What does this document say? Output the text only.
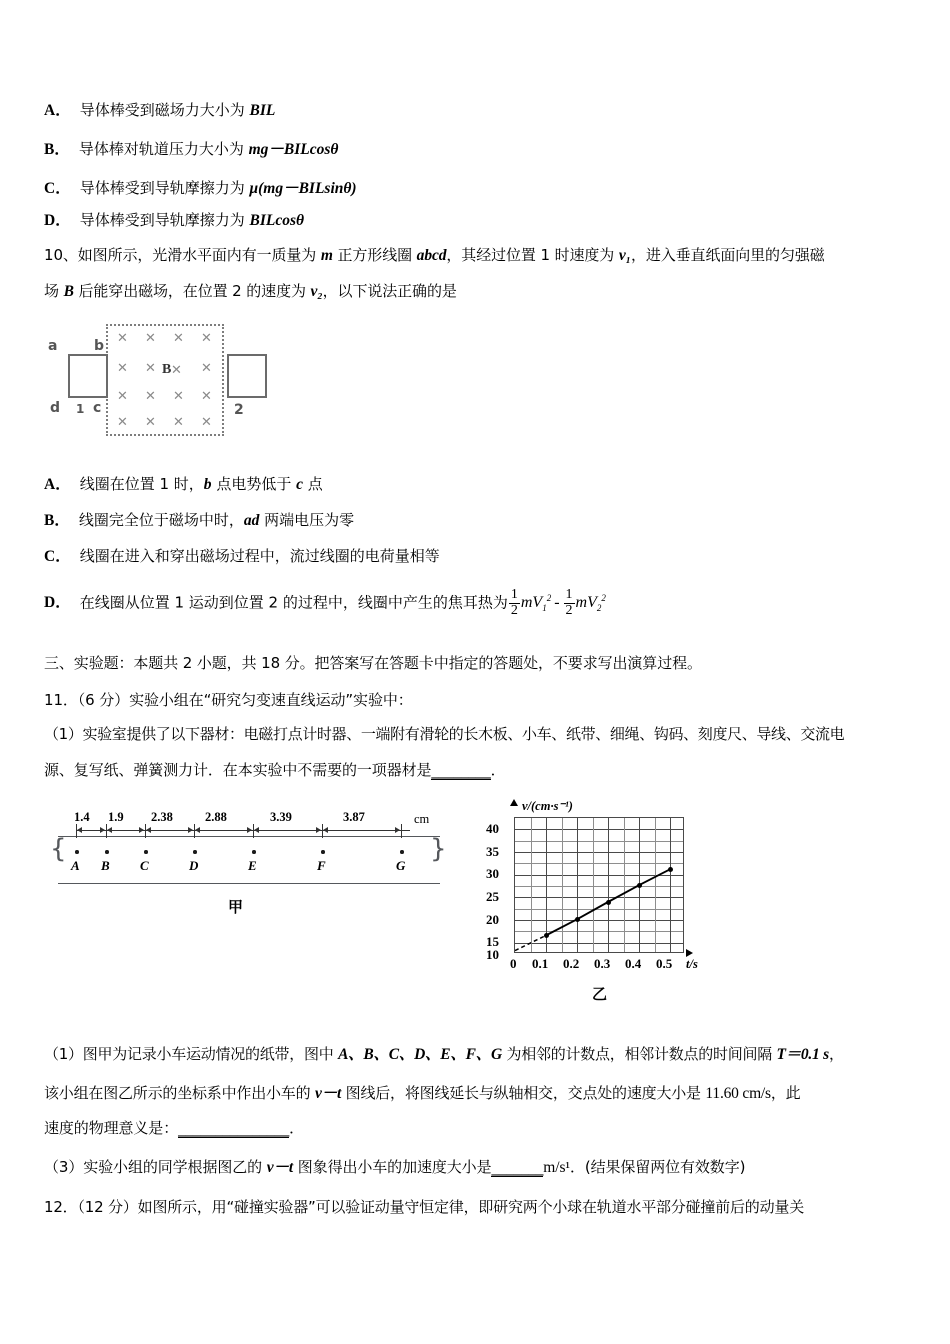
A． 导体棒受到磁场力大小为 BIL
B． 导体棒对轨道压力大小为 mg－BILcosθ
C． 导体棒受到导轨摩擦力为 μ(mg－BILsinθ)
D． 导体棒受到导轨摩擦力为 BILcosθ
10、如图所示，光滑水平面内有一质量为 m 正方形线圈 abcd，其经过位置 1 时速度为 v₁，进入垂直纸面向里的匀强磁
场 B 后能穿出磁场，在位置 2 的速度为 v₂，以下说法正确的是
✕ ✕ ✕ ✕
✕ ✕ ✕ ✕
✕ ✕ ✕ ✕
✕ ✕ ✕ ✕
B
a	b
d 1 c	2
A． 线圈在位置 1 时，b 点电势低于 c 点
B． 线圈完全位于磁场中时，ad 两端电压为零
C． 线圈在进入和穿出磁场过程中，流过线圈的电荷量相等
D． 在线圈从位置 1 运动到位置 2 的过程中，线圈中产生的焦耳热为 $\frac{1}{2} mV_1^2 - \frac{1}{2} mV_2^2$
三、实验题：本题共 2 小题，共 18 分。把答案写在答题卡中指定的答题处，不要求写出演算过程。
11．（6 分）实验小组在“研究匀变速直线运动”实验中：
（1）实验室提供了以下器材：电磁打点计时器、一端附有滑轮的长木板、小车、纸带、细绳、钩码、刻度尺、导线、交流电
源、复写纸、弹簧测力计．在本实验中不需要的一项器材是________．
{	}
1.4 1.9 2.38	2.88	3.39	3.87	cm
A B C	D	E	F	G
甲
v/(cm·s⁻¹)
40
35
30
25
20
15
10
0 0.1 0.2 0.3 0.4 0.5 t/s
乙
（1）图甲为记录小车运动情况的纸带，图中 A、B、C、D、E、F、G 为相邻的计数点，相邻计数点的时间间隔 T＝0.1 s，
该小组在图乙所示的坐标系中作出小车的 v－t 图线后，将图线延长与纵轴相交，交点处的速度大小是 11.60 cm/s，此
速度的物理意义是：_______________．
（3）实验小组的同学根据图乙的 v－t 图象得出小车的加速度大小是_______m/s¹．(结果保留两位有效数字)
12．（12 分）如图所示，用“碰撞实验器”可以验证动量守恒定律，即研究两个小球在轨道水平部分碰撞前后的动量关
